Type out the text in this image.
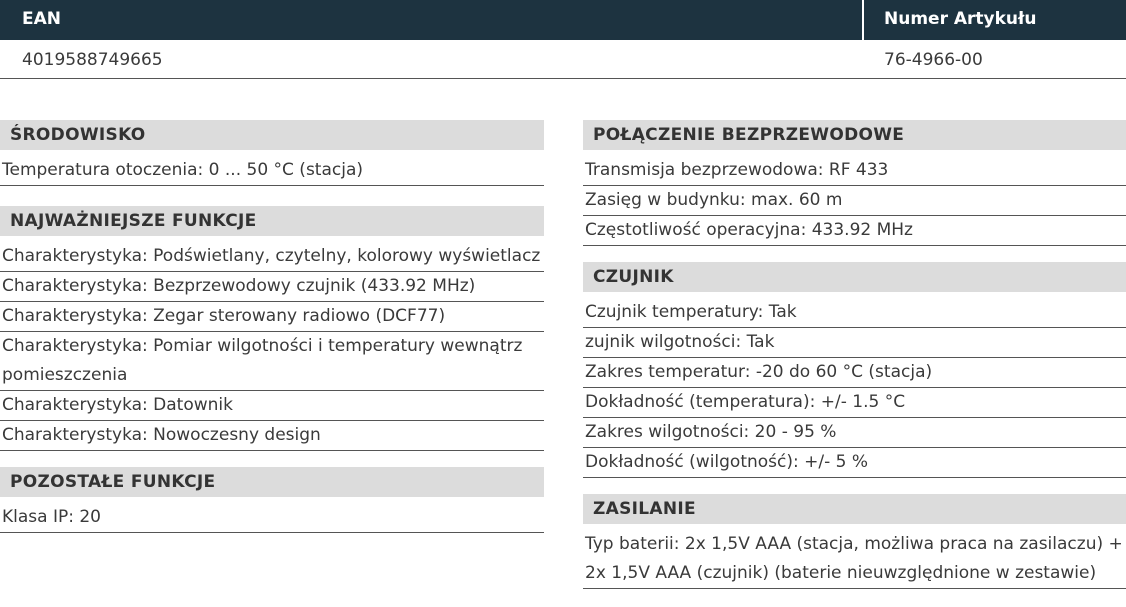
EAN	Numer Artykułu
4019588749665	76-4966-00
ŚRODOWISKO
Temperatura otoczenia: 0 ... 50 °C (stacja)
NAJWAŻNIEJSZE FUNKCJE
Charakterystyka: Podświetlany, czytelny, kolorowy wyświetlacz
Charakterystyka: Bezprzewodowy czujnik (433.92 MHz)
Charakterystyka: Zegar sterowany radiowo (DCF77)
Charakterystyka: Pomiar wilgotności i temperatury wewnątrz pomieszczenia
Charakterystyka: Datownik
Charakterystyka: Nowoczesny design
POZOSTAŁE FUNKCJE
Klasa IP: 20
POŁĄCZENIE BEZPRZEWODOWE
Transmisja bezprzewodowa: RF 433
Zasięg w budynku: max. 60 m
Częstotliwość operacyjna: 433.92 MHz
CZUJNIK
Czujnik temperatury: Tak
zujnik wilgotności: Tak
Zakres temperatur: -20 do 60 °C (stacja)
Dokładność (temperatura): +/- 1.5 °C
Zakres wilgotności: 20 - 95 %
Dokładność (wilgotność): +/- 5 %
ZASILANIE
Typ baterii: 2x 1,5V AAA (stacja, możliwa praca na zasilaczu) + 2x 1,5V AAA (czujnik) (baterie nieuwzględnione w zestawie)
